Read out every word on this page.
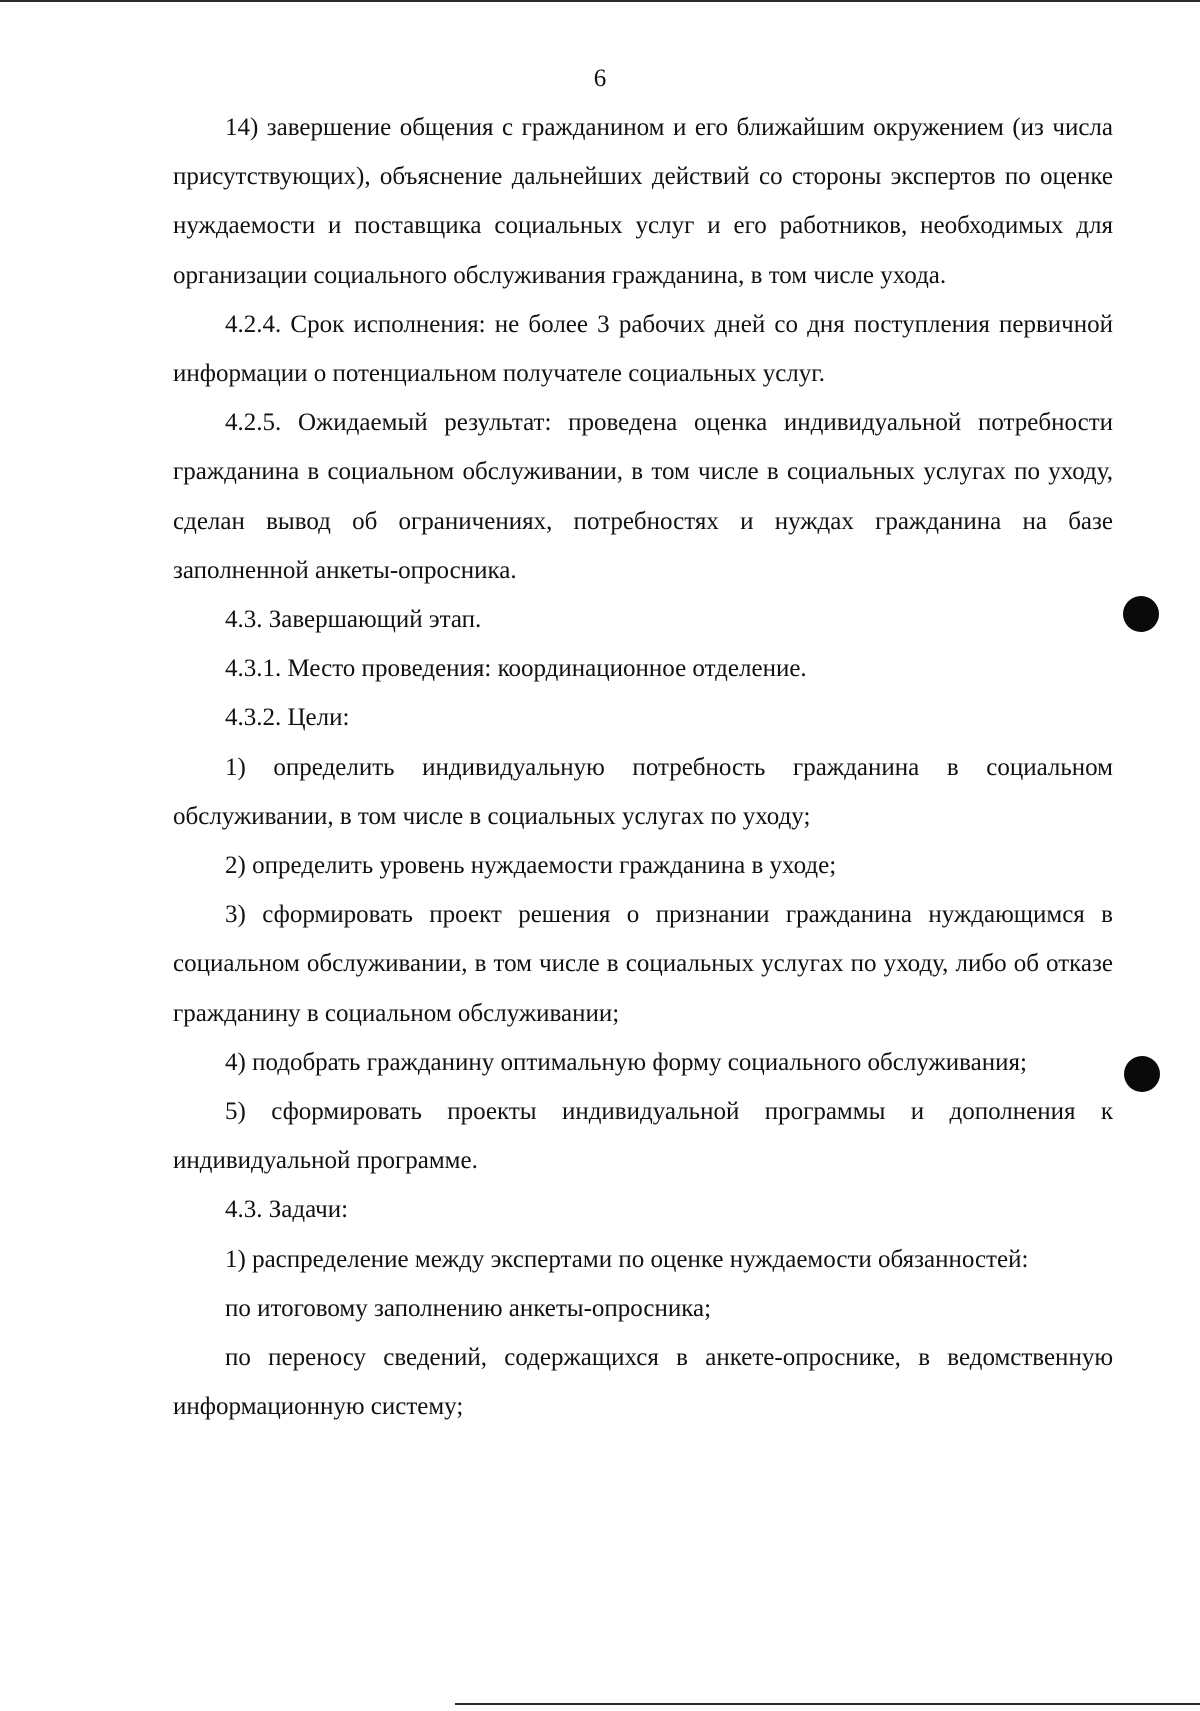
6

14) завершение общения с гражданином и его ближайшим окружением (из числа присутствующих), объяснение дальнейших действий со стороны экспертов по оценке нуждаемости и поставщика социальных услуг и его работников, необходимых для организации социального обслуживания гражданина, в том числе ухода.

4.2.4. Срок исполнения: не более 3 рабочих дней со дня поступления первичной информации о потенциальном получателе социальных услуг.

4.2.5. Ожидаемый результат: проведена оценка индивидуальной потребности гражданина в социальном обслуживании, в том числе в социальных услугах по уходу, сделан вывод об ограничениях, потребностях и нуждах гражданина на базе заполненной анкеты-опросника.

4.3. Завершающий этап.

4.3.1. Место проведения: координационное отделение.

4.3.2. Цели:

1) определить индивидуальную потребность гражданина в социальном обслуживании, в том числе в социальных услугах по уходу;

2) определить уровень нуждаемости гражданина в уходе;

3) сформировать проект решения о признании гражданина нуждающимся в социальном обслуживании, в том числе в социальных услугах по уходу, либо об отказе гражданину в социальном обслуживании;

4) подобрать гражданину оптимальную форму социального обслуживания;

5) сформировать проекты индивидуальной программы и дополнения к индивидуальной программе.

4.3. Задачи:

1) распределение между экспертами по оценке нуждаемости обязанностей:

по итоговому заполнению анкеты-опросника;

по переносу сведений, содержащихся в анкете-опроснике, в ведомственную информационную систему;
